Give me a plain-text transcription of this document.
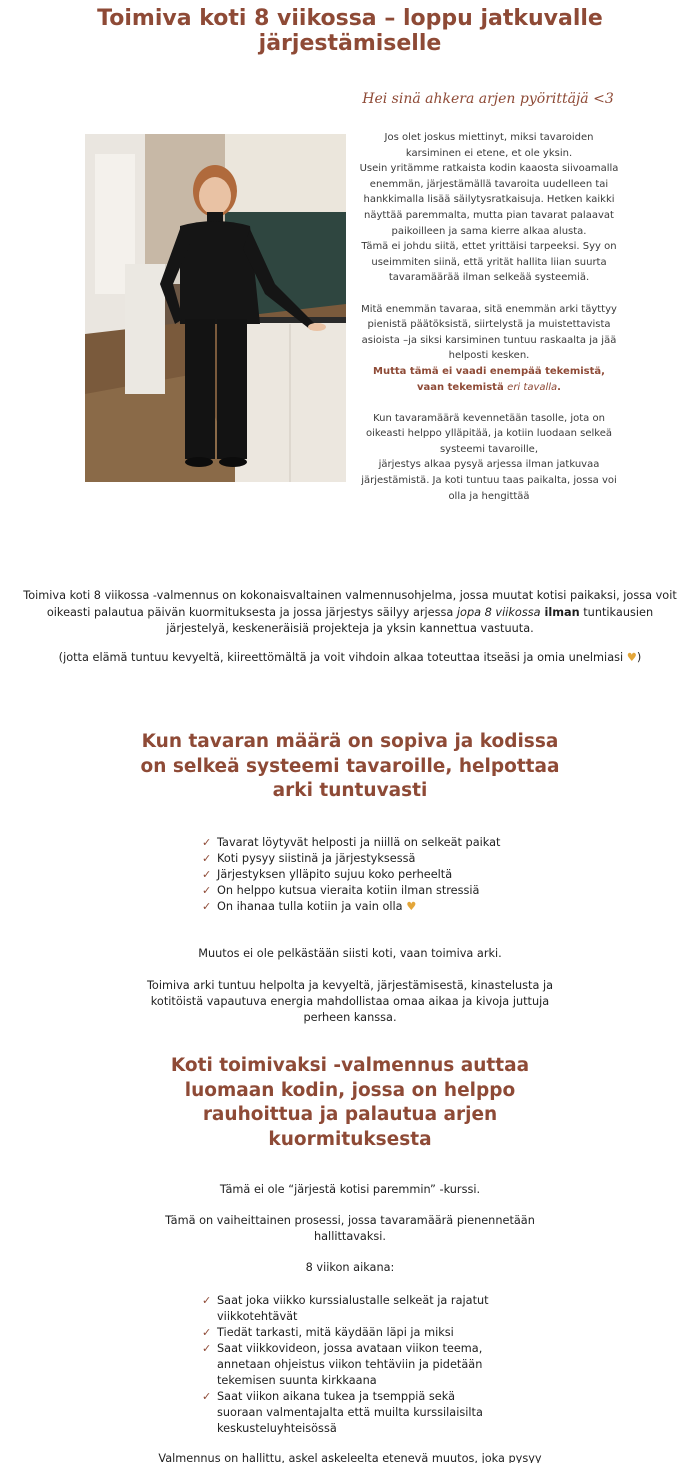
Toimiva koti 8 viikossa – loppu jatkuvalle järjestämiselle
Hei sinä ahkera arjen pyörittäjä <3

Jos olet joskus miettinyt, miksi tavaroiden karsiminen ei etene, et ole yksin.

Usein yritämme ratkaista kodin kaaosta siivoamalla enemmän, järjestämällä tavaroita uudelleen tai hankkimalla lisää säilytysratkaisuja. Hetken kaikki näyttää paremmalta, mutta pian tavarat palaavat paikoilleen ja sama kierre alkaa alusta.

Tämä ei johdu siitä, ettet yrittäisi tarpeeksi. Syy on useimmiten siinä, että yrität hallita liian suurta tavaramäärää ilman selkeää systeemiä.

Mitä enemmän tavaraa, sitä enemmän arki täyttyy pienistä päätöksistä, siirtelystä ja muistettavista asioista –ja siksi karsiminen tuntuu raskaalta ja jää helposti kesken.

Mutta tämä ei vaadi enempää tekemistä, vaan tekemistä eri tavalla.

Kun tavaramäärä kevennetään tasolle, jota on oikeasti helppo ylläpitää, ja kotiin luodaan selkeä systeemi tavaroille,

järjestys alkaa pysyä arjessa ilman jatkuvaa järjestämistä. Ja koti tuntuu taas paikalta, jossa voi olla ja hengittää

Toimiva koti 8 viikossa -valmennus on kokonaisvaltainen valmennusohjelma, jossa muutat kotisi paikaksi, jossa voit oikeasti palautua päivän kuormituksesta ja jossa järjestys säilyy arjessa jopa 8 viikossa ilman tuntikausien järjestelyä, keskeneräisiä projekteja ja yksin kannettua vastuuta.

(jotta elämä tuntuu kevyeltä, kiireettömältä ja voit vihdoin alkaa toteuttaa itseäsi ja omia unelmiasi ♥)

Kun tavaran määrä on sopiva ja kodissa on selkeä systeemi tavaroille, helpottaa arki tuntuvasti
✓ Tavarat löytyvät helposti ja niillä on selkeät paikat
✓ Koti pysyy siistinä ja järjestyksessä
✓ Järjestyksen ylläpito sujuu koko perheeltä
✓ On helppo kutsua vieraita kotiin ilman stressiä
✓ On ihanaa tulla kotiin ja vain olla ♥

Muutos ei ole pelkästään siisti koti, vaan toimiva arki.

Toimiva arki tuntuu helpolta ja kevyeltä, järjestämisestä, kinastelusta ja kotitöistä vapautuva energia mahdollistaa omaa aikaa ja kivoja juttuja perheen kanssa.

Koti toimivaksi -valmennus auttaa luomaan kodin, jossa on helppo rauhoittua ja palautua arjen kuormituksesta

Tämä ei ole “järjestä kotisi paremmin” -kurssi.

Tämä on vaiheittainen prosessi, jossa tavaramäärä pienennetään hallittavaksi.

8 viikon aikana:

✓ Saat joka viikko kurssialustalle selkeät ja rajatut viikkotehtävät
✓ Tiedät tarkasti, mitä käydään läpi ja miksi
✓ Saat viikkovideon, jossa avataan viikon teema, annetaan ohjeistus viikon tehtäviin ja pidetään tekemisen suunta kirkkaana
✓ Saat viikon aikana tukea ja tsemppiä sekä suoraan valmentajalta että muilta kurssilaisilta keskusteluyhteisössä

Valmennus on hallittu, askel askeleelta etenevä muutos, joka pysyy
